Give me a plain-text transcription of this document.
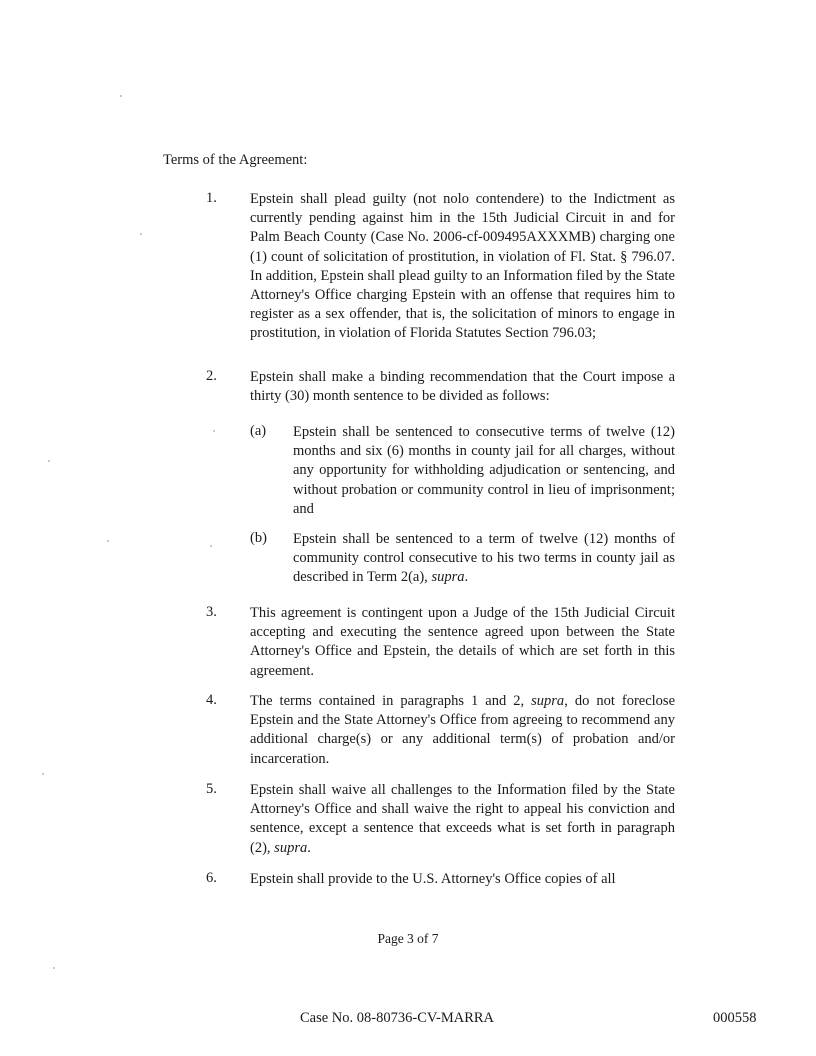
Terms of the Agreement:
1. Epstein shall plead guilty (not nolo contendere) to the Indictment as currently pending against him in the 15th Judicial Circuit in and for Palm Beach County (Case No. 2006-cf-009495AXXXMB) charging one (1) count of solicitation of prostitution, in violation of Fl. Stat. § 796.07. In addition, Epstein shall plead guilty to an Information filed by the State Attorney's Office charging Epstein with an offense that requires him to register as a sex offender, that is, the solicitation of minors to engage in prostitution, in violation of Florida Statutes Section 796.03;
2. Epstein shall make a binding recommendation that the Court impose a thirty (30) month sentence to be divided as follows:
(a) Epstein shall be sentenced to consecutive terms of twelve (12) months and six (6) months in county jail for all charges, without any opportunity for withholding adjudication or sentencing, and without probation or community control in lieu of imprisonment; and
(b) Epstein shall be sentenced to a term of twelve (12) months of community control consecutive to his two terms in county jail as described in Term 2(a), supra.
3. This agreement is contingent upon a Judge of the 15th Judicial Circuit accepting and executing the sentence agreed upon between the State Attorney's Office and Epstein, the details of which are set forth in this agreement.
4. The terms contained in paragraphs 1 and 2, supra, do not foreclose Epstein and the State Attorney's Office from agreeing to recommend any additional charge(s) or any additional term(s) of probation and/or incarceration.
5. Epstein shall waive all challenges to the Information filed by the State Attorney's Office and shall waive the right to appeal his conviction and sentence, except a sentence that exceeds what is set forth in paragraph (2), supra.
6. Epstein shall provide to the U.S. Attorney's Office copies of all
Page 3 of 7
Case No. 08-80736-CV-MARRA	000558
